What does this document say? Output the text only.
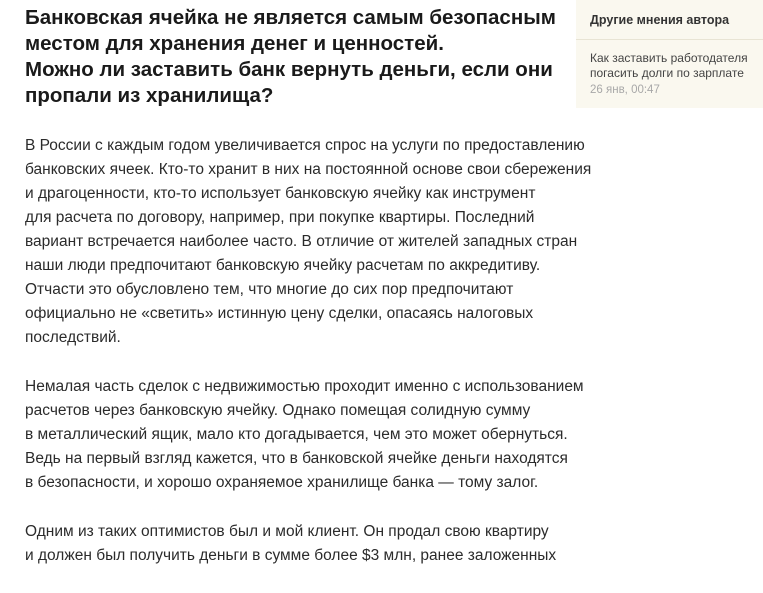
Банковская ячейка не является самым безопасным
местом для хранения денег и ценностей.
Можно ли заставить банк вернуть деньги, если они
пропали из хранилища?

В России с каждым годом увеличивается спрос на услуги по предоставлению
банковских ячеек. Кто-то хранит в них на постоянной основе свои сбережения
и драгоценности, кто-то использует банковскую ячейку как инструмент
для расчета по договору, например, при покупке квартиры. Последний
вариант встречается наиболее часто. В отличие от жителей западных стран
наши люди предпочитают банковскую ячейку расчетам по аккредитиву.
Отчасти это обусловлено тем, что многие до сих пор предпочитают
официально не «светить» истинную цену сделки, опасаясь налоговых
последствий.

Немалая часть сделок с недвижимостью проходит именно с использованием
расчетов через банковскую ячейку. Однако помещая солидную сумму
в металлический ящик, мало кто догадывается, чем это может обернуться.
Ведь на первый взгляд кажется, что в банковской ячейке деньги находятся
в безопасности, и хорошо охраняемое хранилище банка — тому залог.

Одним из таких оптимистов был и мой клиент. Он продал свою квартиру
и должен был получить деньги в сумме более $3 млн, ранее заложенных

Другие мнения автора
Как заставить работодателя
погасить долги по зарплате
26 янв, 00:47
